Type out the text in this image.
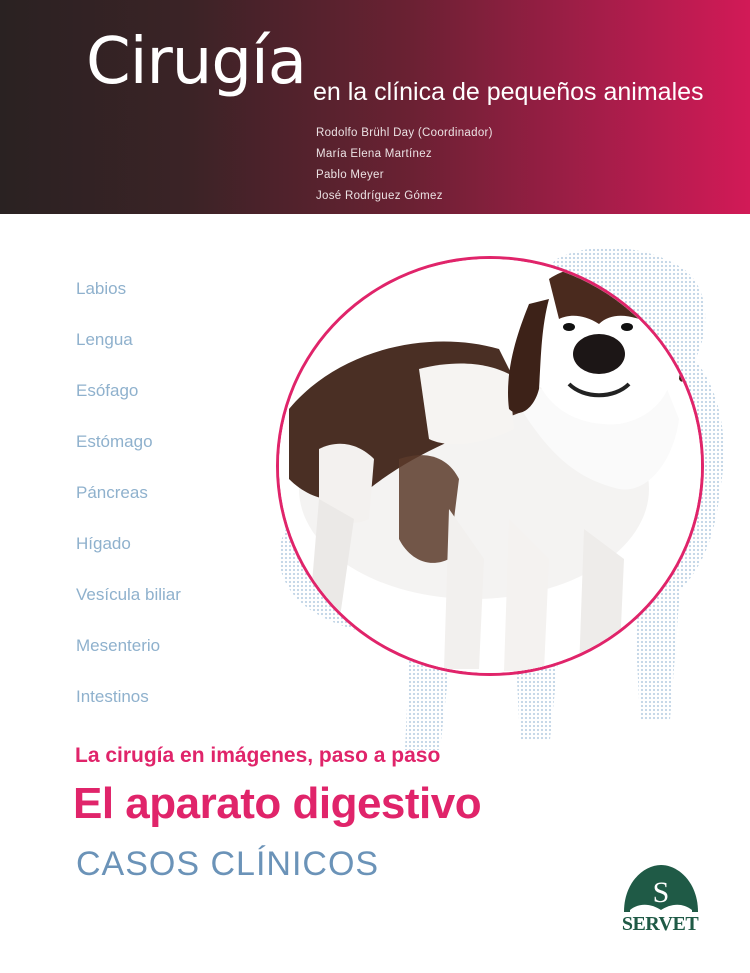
Cirugía en la clínica de pequeños animales
Rodolfo Brühl Day (Coordinador)
María Elena Martínez
Pablo Meyer
José Rodríguez Gómez
Labios
Lengua
Esófago
Estómago
Páncreas
Hígado
Vesícula biliar
Mesenterio
Intestinos
La cirugía en imágenes, paso a paso
El aparato digestivo
CASOS CLÍNICOS
S
SERVET
